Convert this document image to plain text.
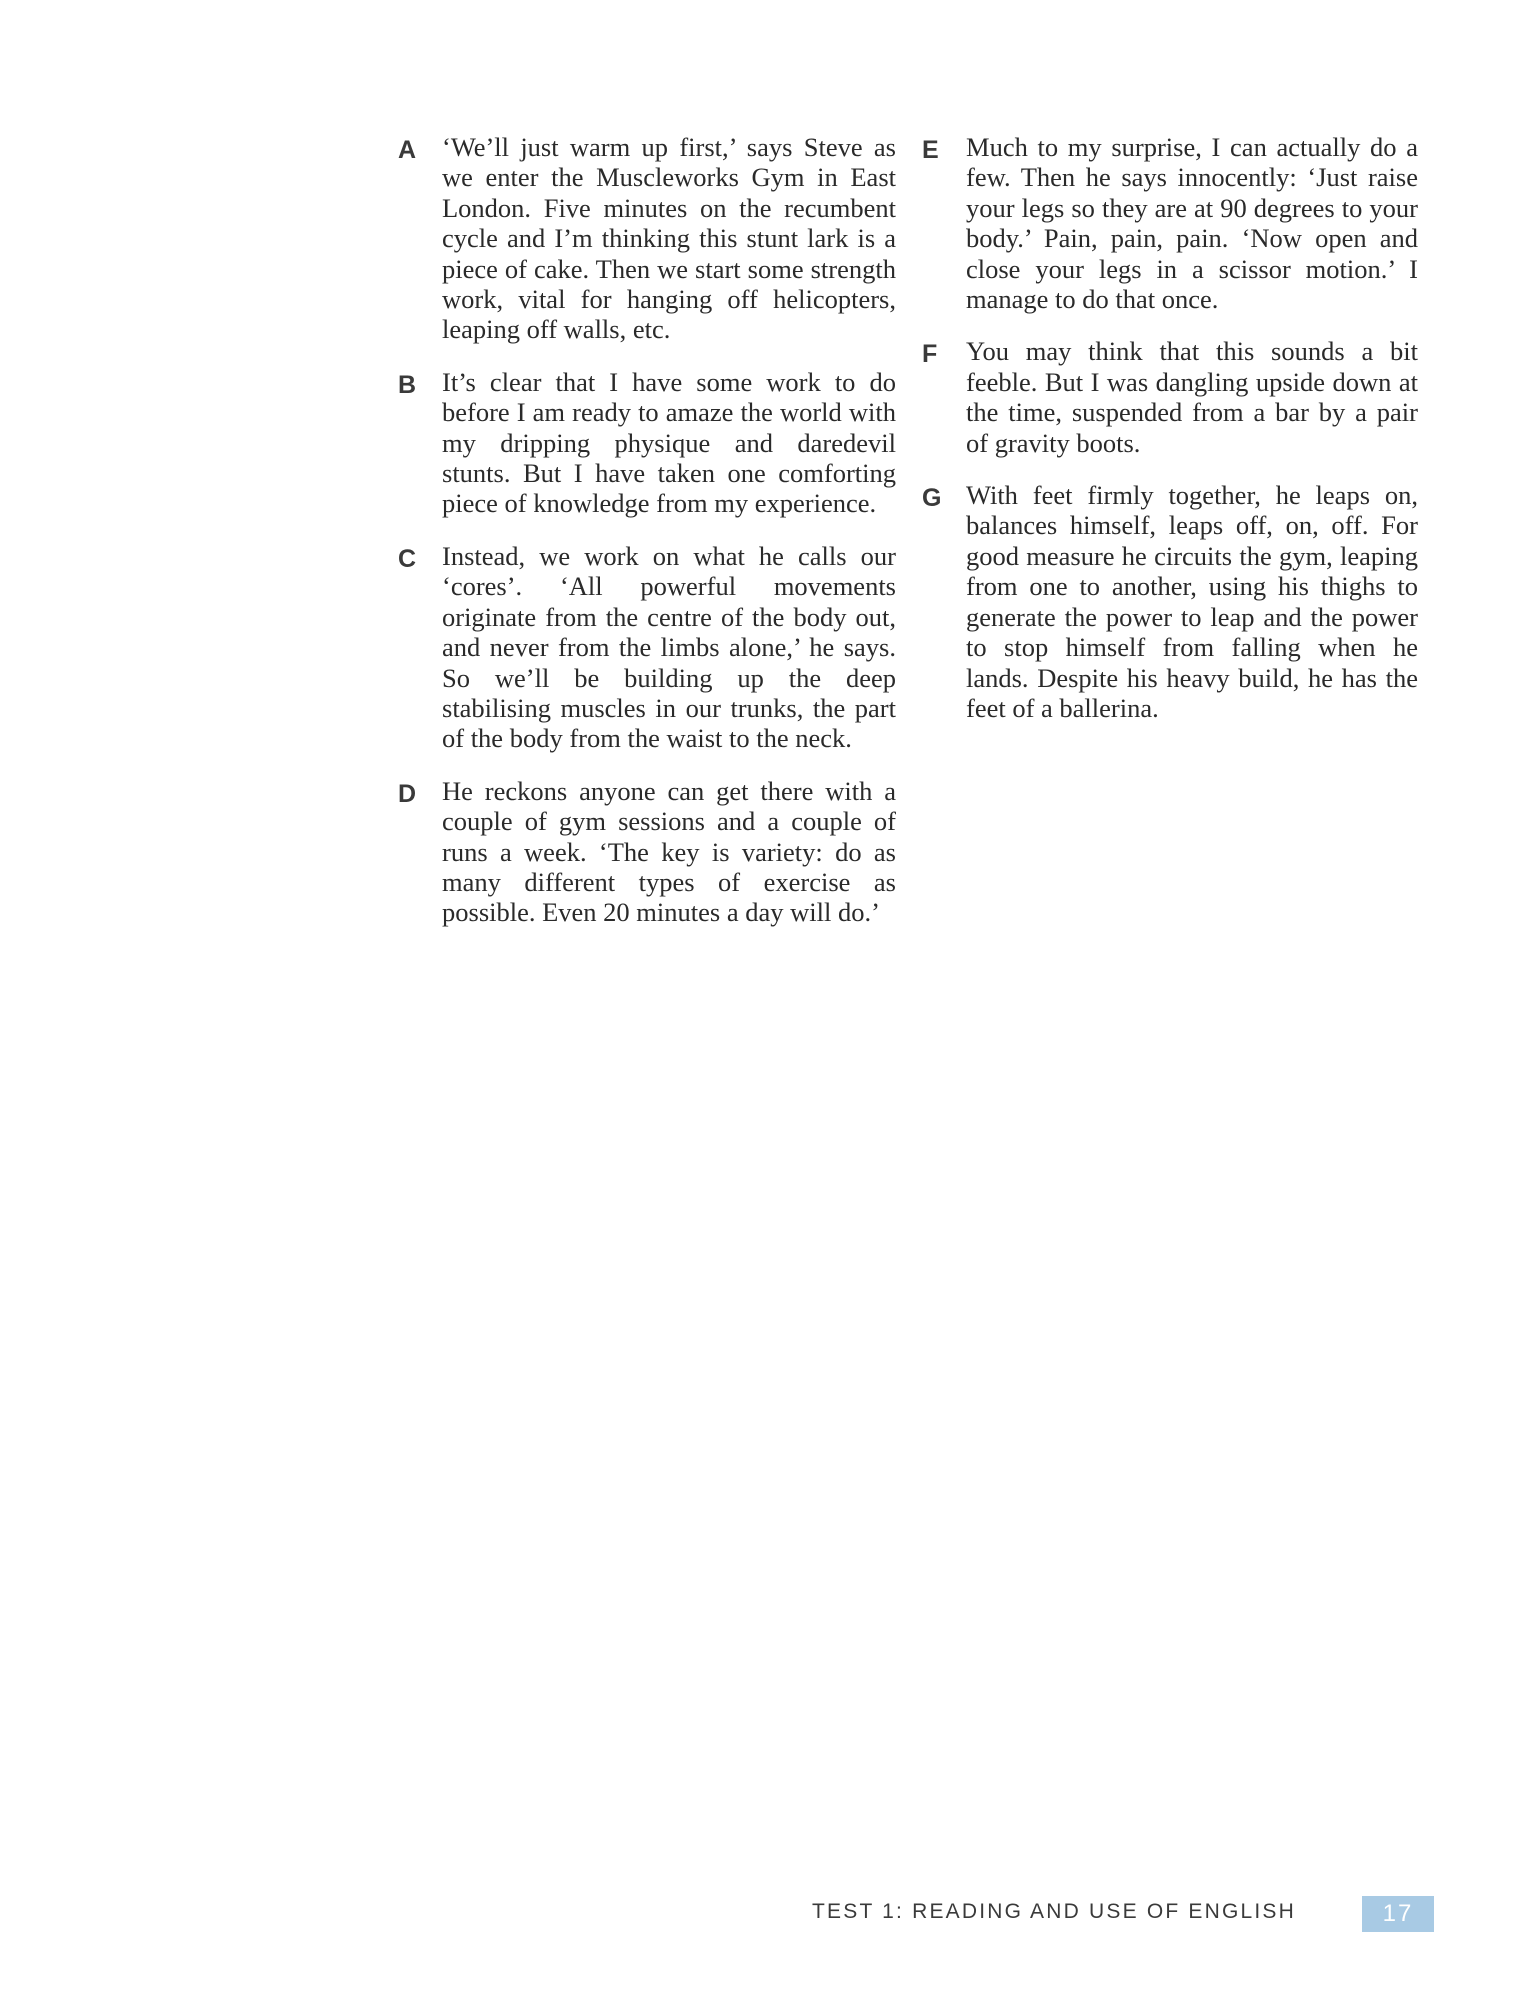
A ‘We’ll just warm up first,’ says Steve as we enter the Muscleworks Gym in East London. Five minutes on the recumbent cycle and I’m thinking this stunt lark is a piece of cake. Then we start some strength work, vital for hanging off helicopters, leaping off walls, etc.

B It’s clear that I have some work to do before I am ready to amaze the world with my dripping physique and daredevil stunts. But I have taken one comforting piece of knowledge from my experience.

C Instead, we work on what he calls our ‘cores’. ‘All powerful movements originate from the centre of the body out, and never from the limbs alone,’ he says. So we’ll be building up the deep stabilising muscles in our trunks, the part of the body from the waist to the neck.

D He reckons anyone can get there with a couple of gym sessions and a couple of runs a week. ‘The key is variety: do as many different types of exercise as possible. Even 20 minutes a day will do.’

E Much to my surprise, I can actually do a few. Then he says innocently: ‘Just raise your legs so they are at 90 degrees to your body.’ Pain, pain, pain. ‘Now open and close your legs in a scissor motion.’ I manage to do that once.

F You may think that this sounds a bit feeble. But I was dangling upside down at the time, suspended from a bar by a pair of gravity boots.

G With feet firmly together, he leaps on, balances himself, leaps off, on, off. For good measure he circuits the gym, leaping from one to another, using his thighs to generate the power to leap and the power to stop himself from falling when he lands. Despite his heavy build, he has the feet of a ballerina.

TEST 1: READING AND USE OF ENGLISH	17
